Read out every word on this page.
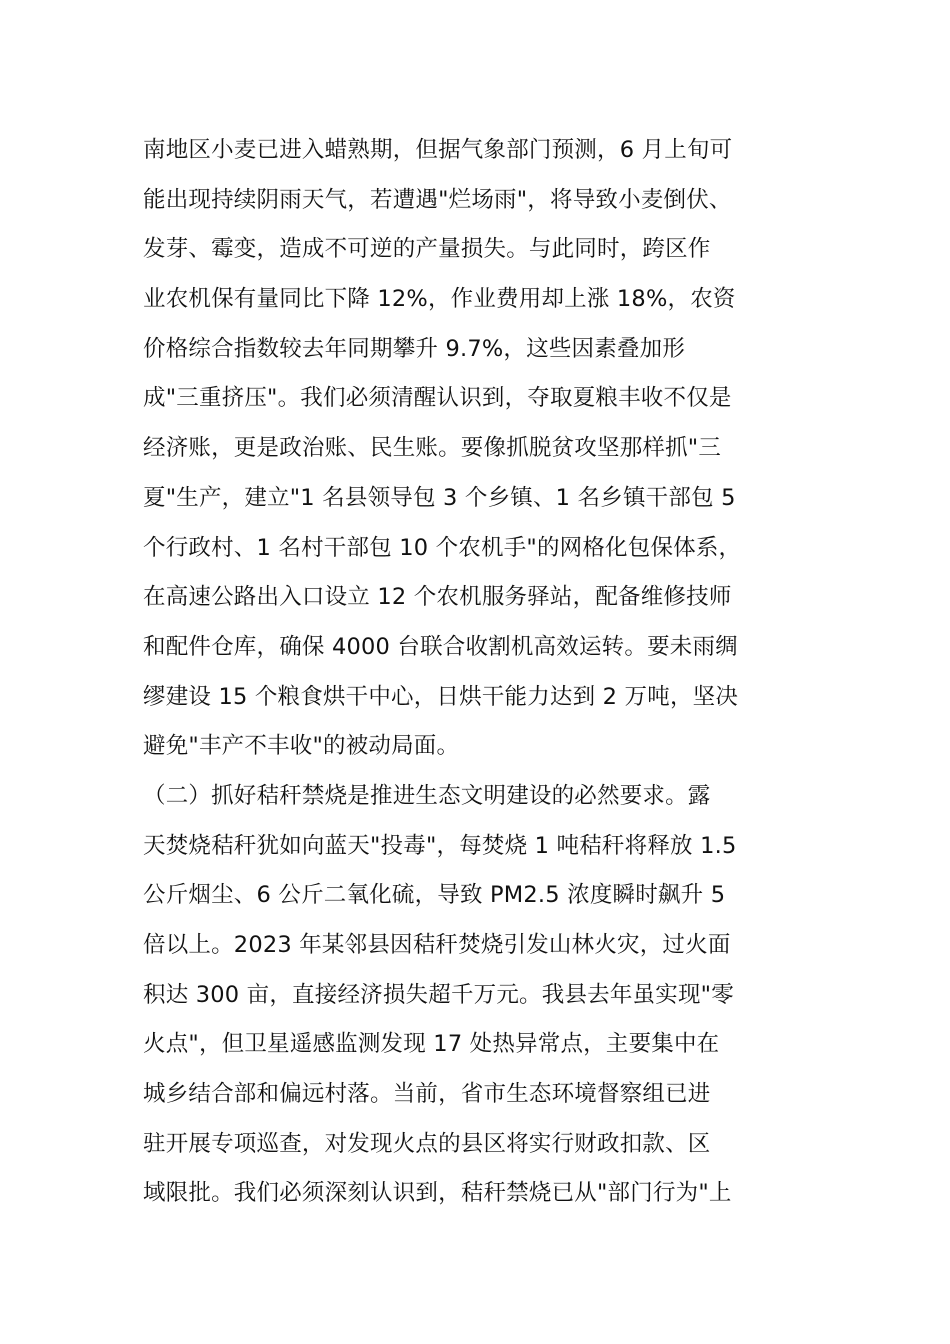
南地区小麦已进入蜡熟期，但据气象部门预测，6 月上旬可
能出现持续阴雨天气，若遭遇"烂场雨"，将导致小麦倒伏、
发芽、霉变，造成不可逆的产量损失。与此同时，跨区作
业农机保有量同比下降 12%，作业费用却上涨 18%，农资
价格综合指数较去年同期攀升 9.7%，这些因素叠加形
成"三重挤压"。我们必须清醒认识到，夺取夏粮丰收不仅是
经济账，更是政治账、民生账。要像抓脱贫攻坚那样抓"三
夏"生产，建立"1 名县领导包 3 个乡镇、1 名乡镇干部包 5
个行政村、1 名村干部包 10 个农机手"的网格化包保体系，
在高速公路出入口设立 12 个农机服务驿站，配备维修技师
和配件仓库，确保 4000 台联合收割机高效运转。要未雨绸
缪建设 15 个粮食烘干中心，日烘干能力达到 2 万吨，坚决
避免"丰产不丰收"的被动局面。
（二）抓好秸秆禁烧是推进生态文明建设的必然要求。露
天焚烧秸秆犹如向蓝天"投毒"，每焚烧 1 吨秸秆将释放 1.5
公斤烟尘、6 公斤二氧化硫，导致 PM2.5 浓度瞬时飙升 5
倍以上。2023 年某邻县因秸秆焚烧引发山林火灾，过火面
积达 300 亩，直接经济损失超千万元。我县去年虽实现"零
火点"，但卫星遥感监测发现 17 处热异常点，主要集中在
城乡结合部和偏远村落。当前，省市生态环境督察组已进
驻开展专项巡查，对发现火点的县区将实行财政扣款、区
域限批。我们必须深刻认识到，秸秆禁烧已从"部门行为"上
